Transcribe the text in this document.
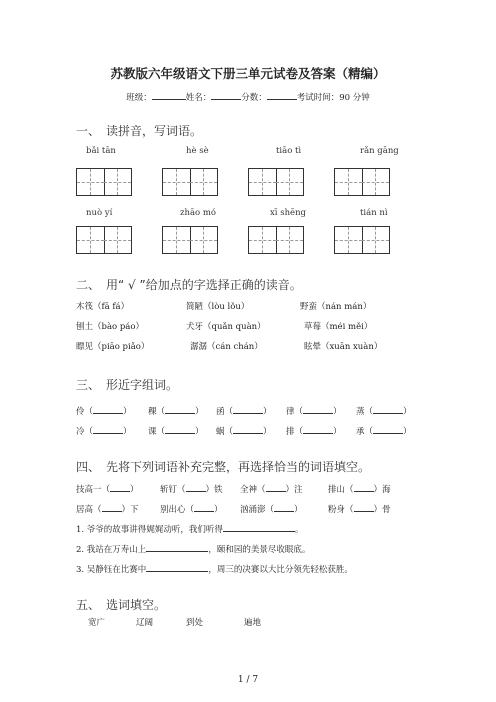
苏教版六年级语文下册三单元试卷及答案（精编）
班级：	姓名：	分数：	考试时间：90 分钟
一、　读拼音，写词语。
bǎi tān	hè sè	tiāo tì	rǎn gāng
nuò yí	zhāo mó	xī shēng	tián nì
二、　用“ √ ”给加点的字选择正确的读音。
木筏（fā fá）	简陋（lòu lǒu）	野蛮（nán mán）
刨土（bào páo）	犬牙（quǎn quàn）	草莓（méi měi）
瞟见（piāo piǎo）	潺潺（cán chán）	眩晕（xuān xuàn）
三、　形近字组词。
伶（	） 稞（	） 函（	） 律（	） 蒸（	）
冷（	） 课（	） 蜗（	） 排（	） 承（	）
四、　先将下列词语补充完整，再选择恰当的词语填空。
技高一（ ）	斩钉（ ）铁 全神（ ）注	排山（ ）海
居高（ ）下	别出心（ ） 汹涌澎（ ）	粉身（ ）骨
1. 爷爷的故事讲得娓娓动听，我们听得	。
2. 我站在万寿山上	，颐和园的美景尽收眼底。
3. 吴静钰在比赛中	，周三的决赛以大比分领先轻松获胜。
五、　选词填空。
宽广	辽阔	到处	遍地
1 / 7
